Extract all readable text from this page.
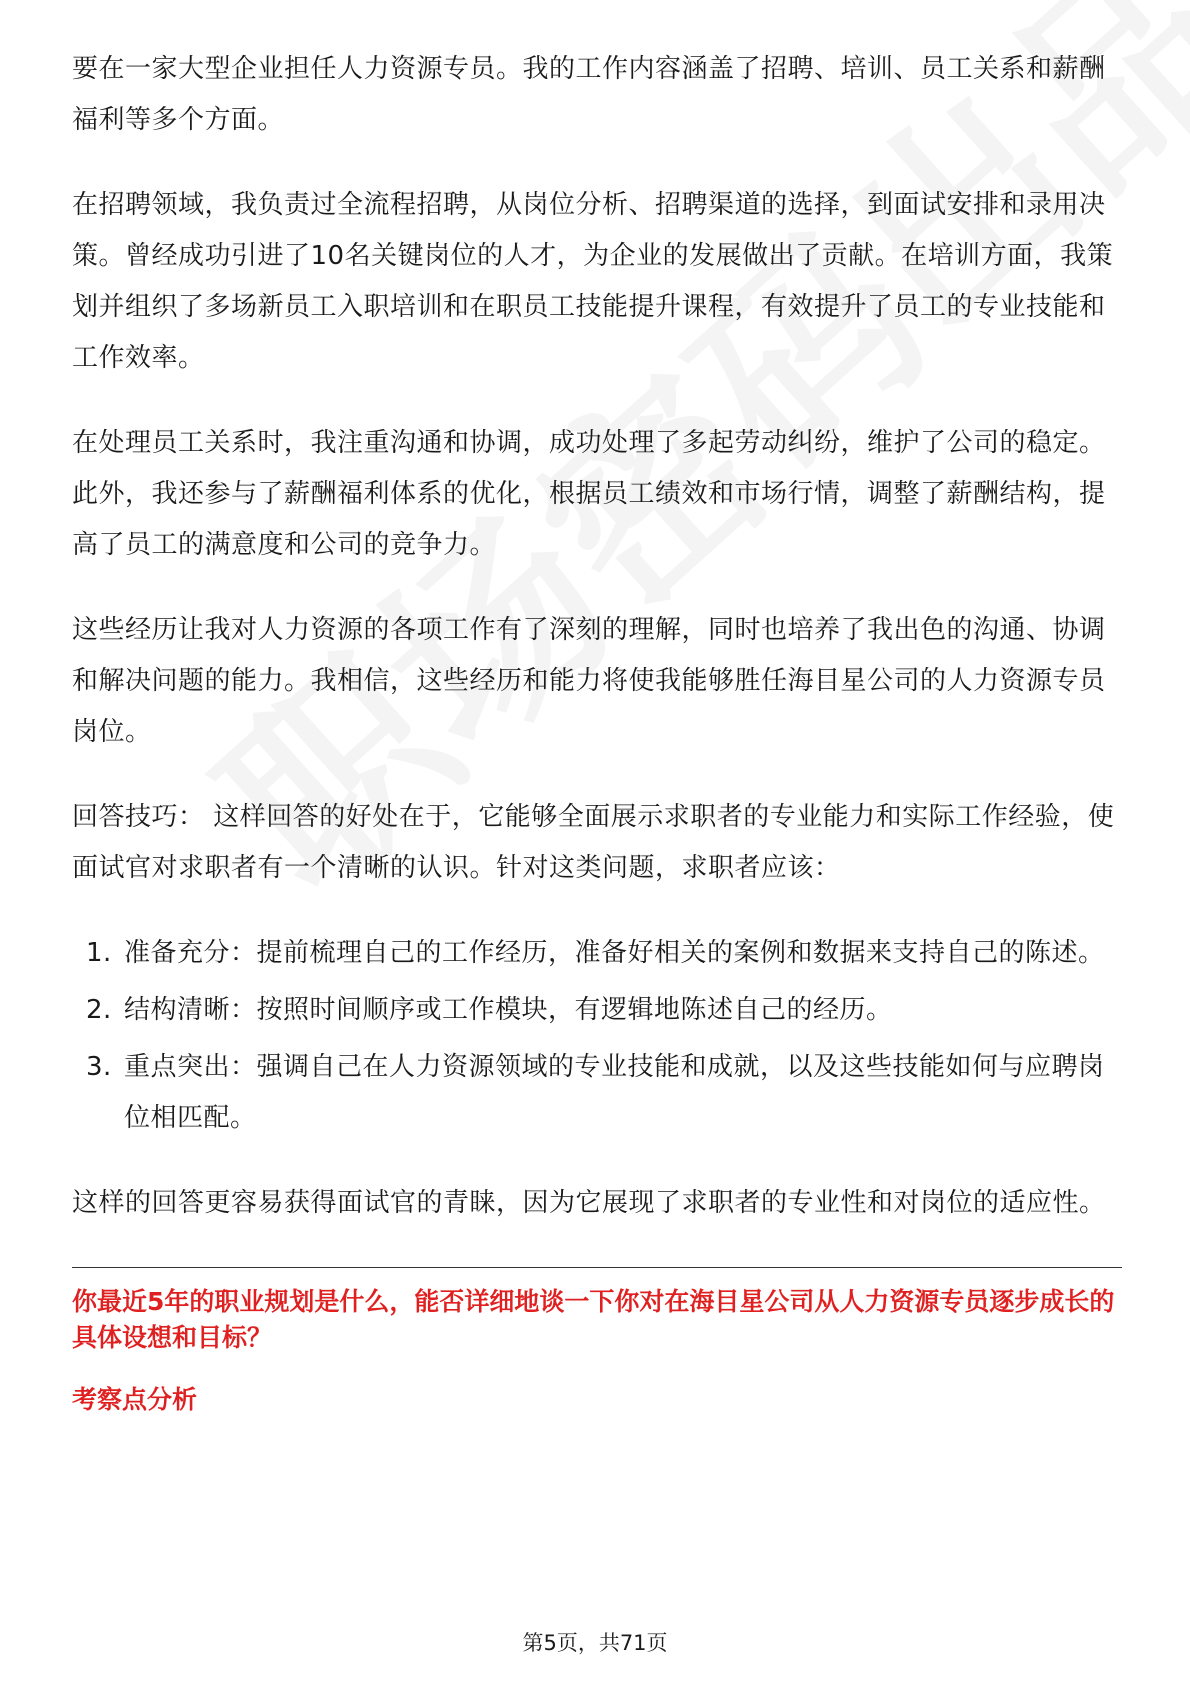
要在一家大型企业担任人力资源专员。我的工作内容涵盖了招聘、培训、员工关系和薪酬福利等多个方面。

在招聘领域，我负责过全流程招聘，从岗位分析、招聘渠道的选择，到面试安排和录用决策。曾经成功引进了10名关键岗位的人才，为企业的发展做出了贡献。在培训方面，我策划并组织了多场新员工入职培训和在职员工技能提升课程，有效提升了员工的专业技能和工作效率。

在处理员工关系时，我注重沟通和协调，成功处理了多起劳动纠纷，维护了公司的稳定。此外，我还参与了薪酬福利体系的优化，根据员工绩效和市场行情，调整了薪酬结构，提高了员工的满意度和公司的竞争力。

这些经历让我对人力资源的各项工作有了深刻的理解，同时也培养了我出色的沟通、协调和解决问题的能力。我相信，这些经历和能力将使我能够胜任海目星公司的人力资源专员岗位。

回答技巧： 这样回答的好处在于，它能够全面展示求职者的专业能力和实际工作经验，使面试官对求职者有一个清晰的认识。针对这类问题，求职者应该：

1. 准备充分：提前梳理自己的工作经历，准备好相关的案例和数据来支持自己的陈述。
2. 结构清晰：按照时间顺序或工作模块，有逻辑地陈述自己的经历。
3. 重点突出：强调自己在人力资源领域的专业技能和成就，以及这些技能如何与应聘岗位相匹配。

这样的回答更容易获得面试官的青睐，因为它展现了求职者的专业性和对岗位的适应性。

你最近5年的职业规划是什么，能否详细地谈一下你对在海目星公司从人力资源专员逐步成长的具体设想和目标？

考察点分析

第5页，共71页
